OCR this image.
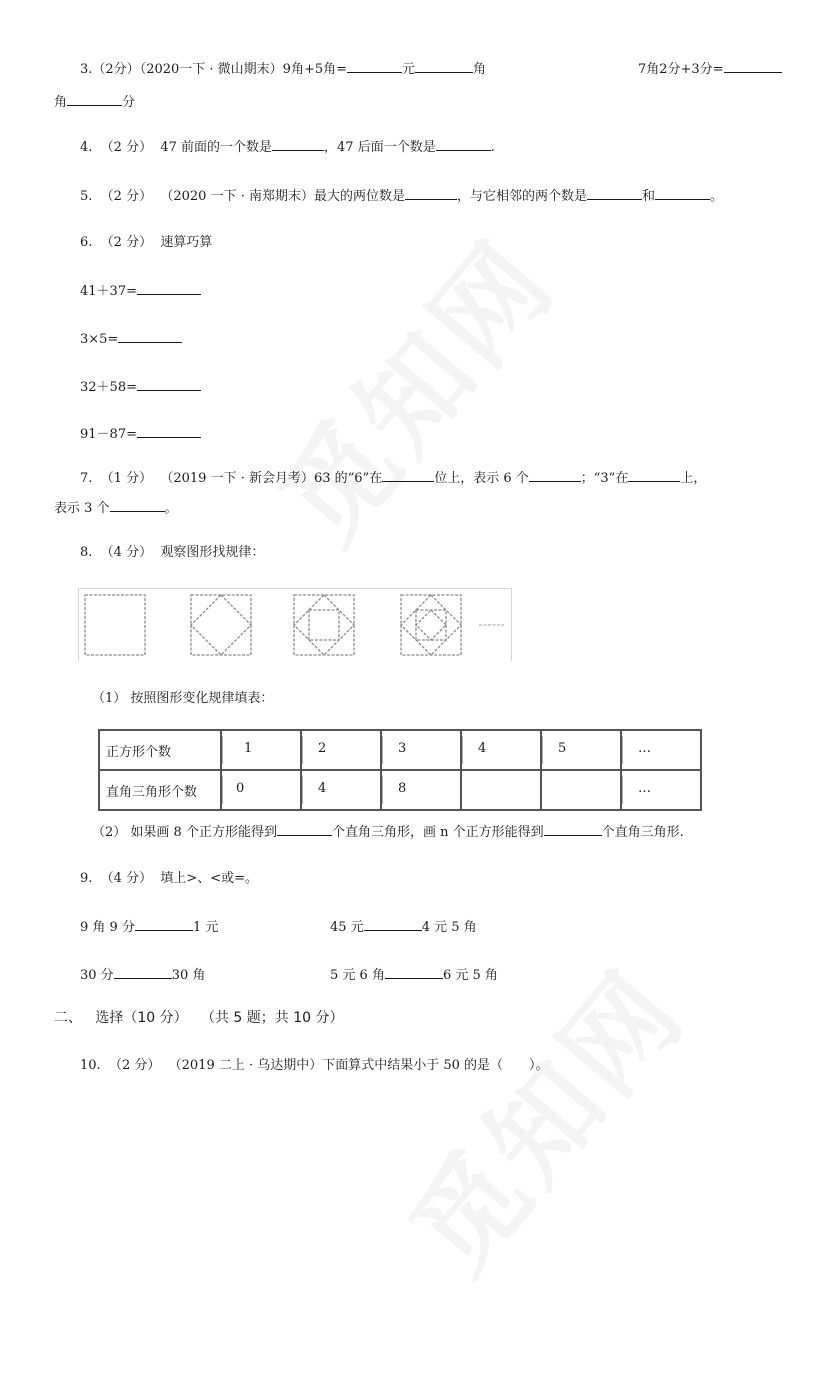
3.（2分）（2020一下 · 微山期末）9角+5角=	元	角	7角2分+3分=
角	分
4. （2 分） 47 前面的一个数是	，47 后面一个数是	.
5. （2 分） （2020 一下 · 南郑期末）最大的两位数是	，与它相邻的两个数是	和	。
6. （2 分） 速算巧算
41＋37=
3×5=
32＋58=
91－87=
7. （1 分） （2019 一下 · 新会月考）63 的“6”在	位上，表示 6 个	；“3”在	上，
表示 3 个	。
8. （4 分） 观察图形找规律：
（1） 按照图形变化规律填表：
正方形个数	1	2	3	4	5	…

直角三角形个数	0	4	8			…
（2） 如果画 8 个正方形能得到	个直角三角形，画 n 个正方形能得到	个直角三角形.
9. （4 分） 填上>、<或=。
9 角 9 分	1 元	45 元	4 元 5 角
30 分	30 角	5 元 6 角	6 元 5 角
二、 选择（10 分） （共 5 题；共 10 分）
10. （2 分） （2019 二上 · 乌达期中）下面算式中结果小于 50 的是（　　）。
